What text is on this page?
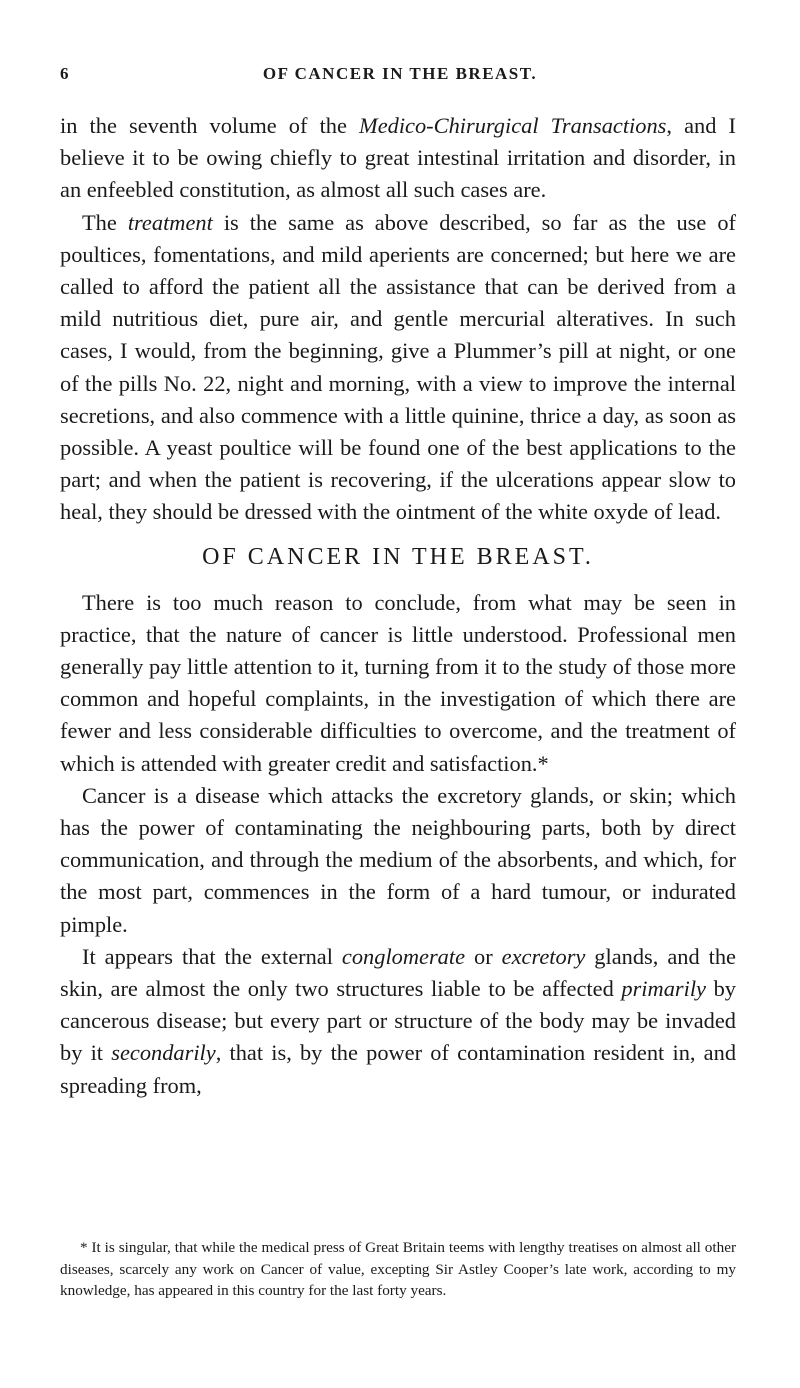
6	OF CANCER IN THE BREAST.

in the seventh volume of the Medico-Chirurgical Transactions, and I believe it to be owing chiefly to great intestinal irritation and disorder, in an enfeebled constitution, as almost all such cases are.

The treatment is the same as above described, so far as the use of poultices, fomentations, and mild aperients are concerned; but here we are called to afford the patient all the assistance that can be derived from a mild nutritious diet, pure air, and gentle mercurial alteratives. In such cases, I would, from the beginning, give a Plummer’s pill at night, or one of the pills No. 22, night and morning, with a view to improve the internal secretions, and also commence with a little quinine, thrice a day, as soon as possible. A yeast poultice will be found one of the best applications to the part; and when the patient is recovering, if the ulcerations appear slow to heal, they should be dressed with the ointment of the white oxyde of lead.

OF CANCER IN THE BREAST.

There is too much reason to conclude, from what may be seen in practice, that the nature of cancer is little understood. Professional men generally pay little attention to it, turning from it to the study of those more common and hopeful complaints, in the investigation of which there are fewer and less considerable difficulties to overcome, and the treatment of which is attended with greater credit and satisfaction.*

Cancer is a disease which attacks the excretory glands, or skin; which has the power of contaminating the neighbouring parts, both by direct communication, and through the medium of the absorbents, and which, for the most part, commences in the form of a hard tumour, or indurated pimple.

It appears that the external conglomerate or excretory glands, and the skin, are almost the only two structures liable to be affected primarily by cancerous disease; but every part or structure of the body may be invaded by it secondarily, that is, by the power of contamination resident in, and spreading from,

* It is singular, that while the medical press of Great Britain teems with lengthy treatises on almost all other diseases, scarcely any work on Cancer of value, excepting Sir Astley Cooper’s late work, according to my knowledge, has appeared in this country for the last forty years.
